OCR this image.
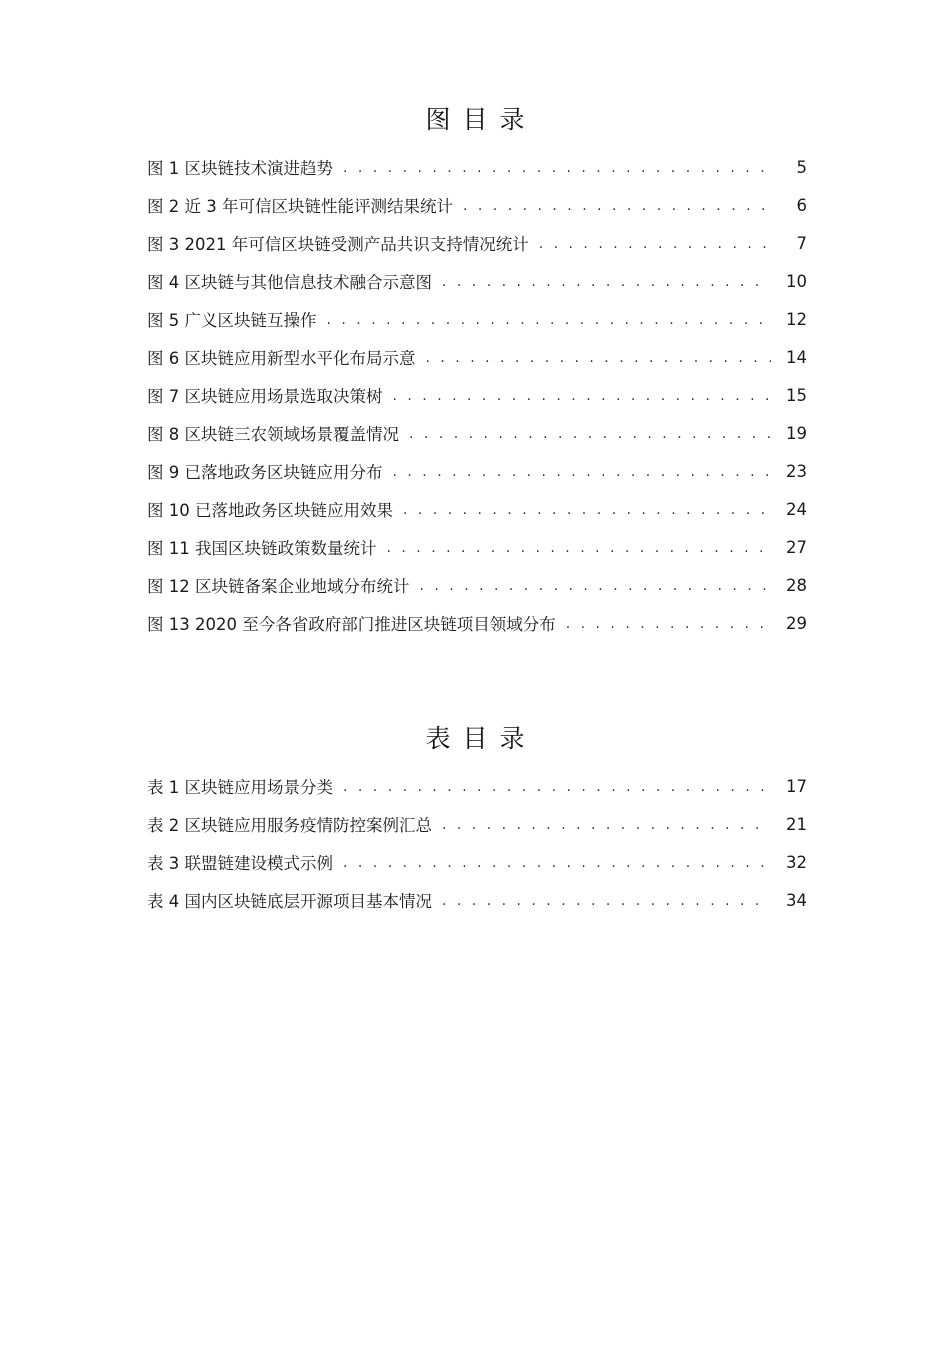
图目录
图 1 区块链技术演进趋势 . . .	5
图 2 近 3 年可信区块链性能评测结果统计 . . .	6
图 3 2021 年可信区块链受测产品共识支持情况统计 . . .	7
图 4 区块链与其他信息技术融合示意图 . . .	10
图 5 广义区块链互操作 . . .	12
图 6 区块链应用新型水平化布局示意 . . .	14
图 7 区块链应用场景选取决策树 . . .	15
图 8 区块链三农领域场景覆盖情况 . . .	19
图 9 已落地政务区块链应用分布 . . .	23
图 10 已落地政务区块链应用效果 . . .	24
图 11 我国区块链政策数量统计 . . .	27
图 12 区块链备案企业地域分布统计 . . .	28
图 13 2020 至今各省政府部门推进区块链项目领域分布 . . .	29
表目录
表 1 区块链应用场景分类 . . .	17
表 2 区块链应用服务疫情防控案例汇总 . . .	21
表 3 联盟链建设模式示例 . . .	32
表 4 国内区块链底层开源项目基本情况 . . .	34
